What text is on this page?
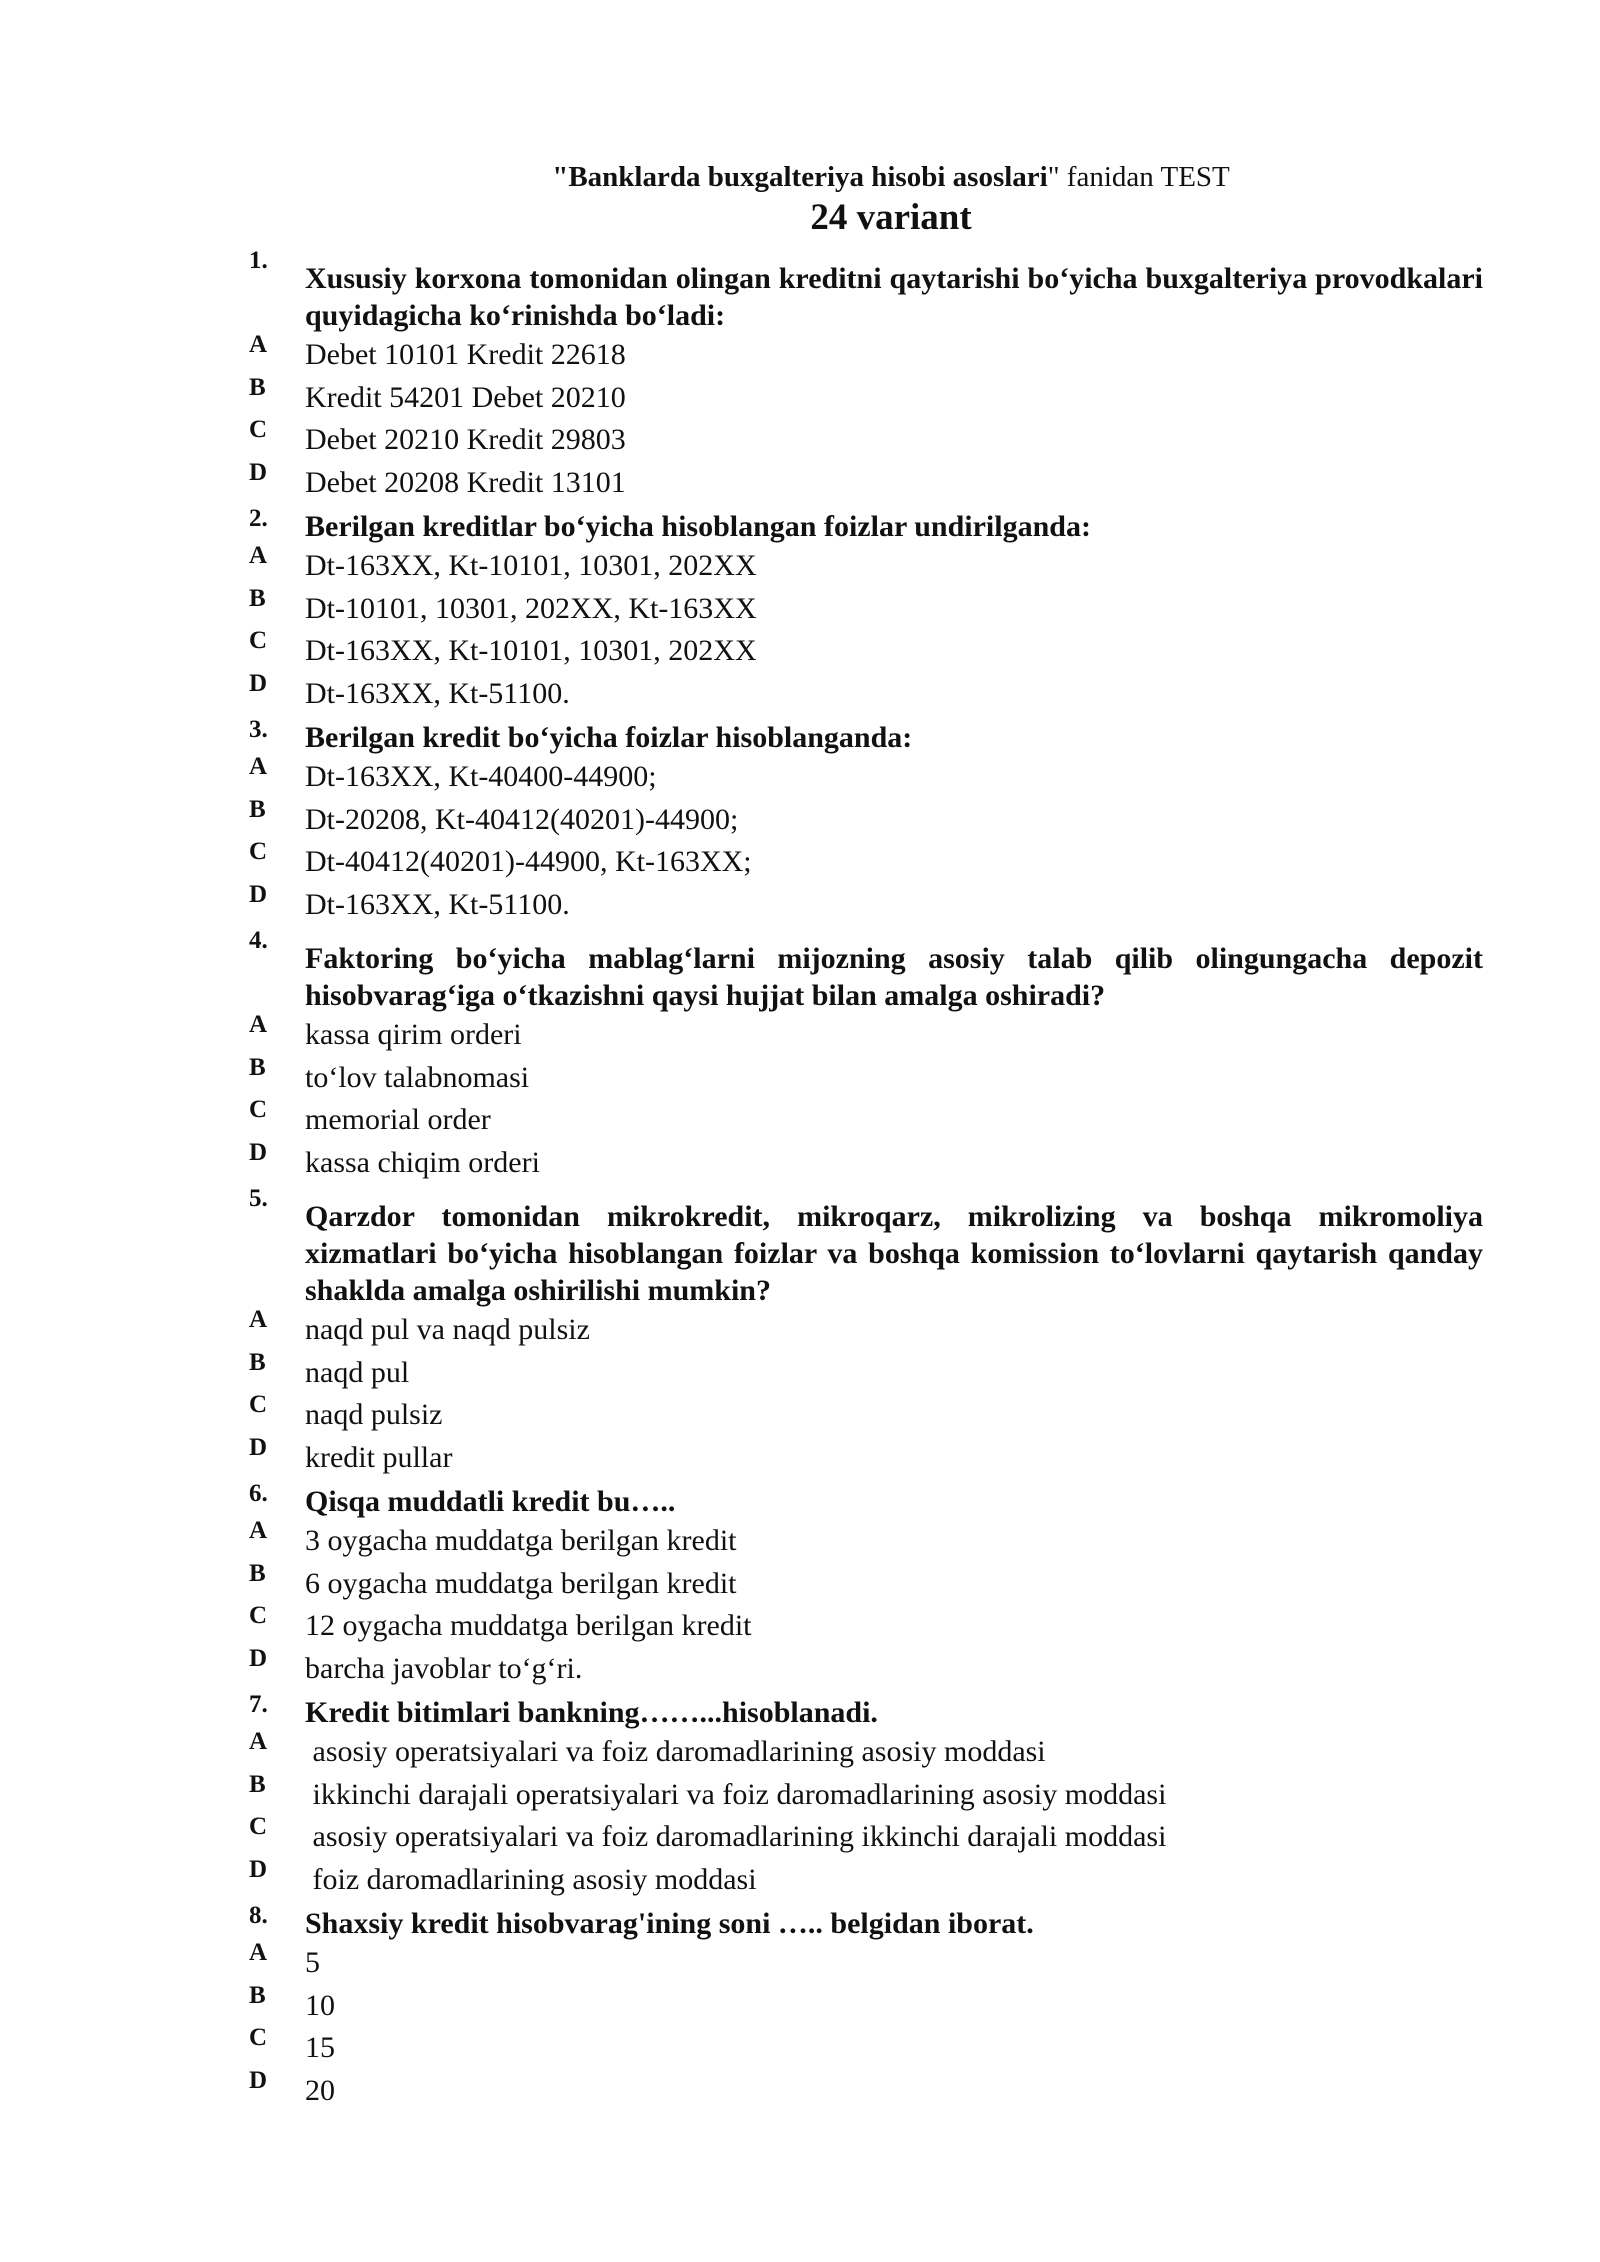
"Banklarda buxgalteriya hisobi asoslari" fanidan TEST
24 variant
1.
Xususiy korxona tomonidan olingan kreditni qaytarishi bo‘yicha buxgalteriya provodkalari quyidagicha ko‘rinishda bo‘ladi:
A Debet 10101 Kredit 22618
B Kredit 54201 Debet 20210
C Debet 20210 Kredit 29803
D Debet 20208 Kredit 13101
2. Berilgan kreditlar bo‘yicha hisoblangan foizlar undirilganda:
A Dt-163XX, Kt-10101, 10301, 202XX
B Dt-10101, 10301, 202XX, Kt-163XX
C Dt-163XX, Kt-10101, 10301, 202XX
D Dt-163XX, Kt-51100.
3. Berilgan kredit bo‘yicha foizlar hisoblanganda:
A Dt-163XX, Kt-40400-44900;
B Dt-20208, Kt-40412(40201)-44900;
C Dt-40412(40201)-44900, Kt-163XX;
D Dt-163XX, Kt-51100.
4.
Faktoring bo‘yicha mablag‘larni mijozning asosiy talab qilib olingungacha depozit hisobvarag‘iga o‘tkazishni qaysi hujjat bilan amalga oshiradi?
A kassa qirim orderi
B to‘lov talabnomasi
C memorial order
D kassa chiqim orderi
5.
Qarzdor tomonidan mikrokredit, mikroqarz, mikrolizing va boshqa mikromoliya xizmatlari bo‘yicha hisoblangan foizlar va boshqa komission to‘lovlarni qaytarish qanday shaklda amalga oshirilishi mumkin?
A naqd pul va naqd pulsiz
B naqd pul
C naqd pulsiz
D kredit pullar
6. Qisqa muddatli kredit bu…..
A 3 oygacha muddatga berilgan kredit
B 6 oygacha muddatga berilgan kredit
C 12 oygacha muddatga berilgan kredit
D barcha javoblar to‘g‘ri.
7. Kredit bitimlari bankning……...hisoblanadi.
A asosiy operatsiyalari va foiz daromadlarining asosiy moddasi
B ikkinchi darajali operatsiyalari va foiz daromadlarining asosiy moddasi
C asosiy operatsiyalari va foiz daromadlarining ikkinchi darajali moddasi
D foiz daromadlarining asosiy moddasi
8. Shaxsiy kredit hisobvarag'ining soni ….. belgidan iborat.
A 5
B 10
C 15
D 20
